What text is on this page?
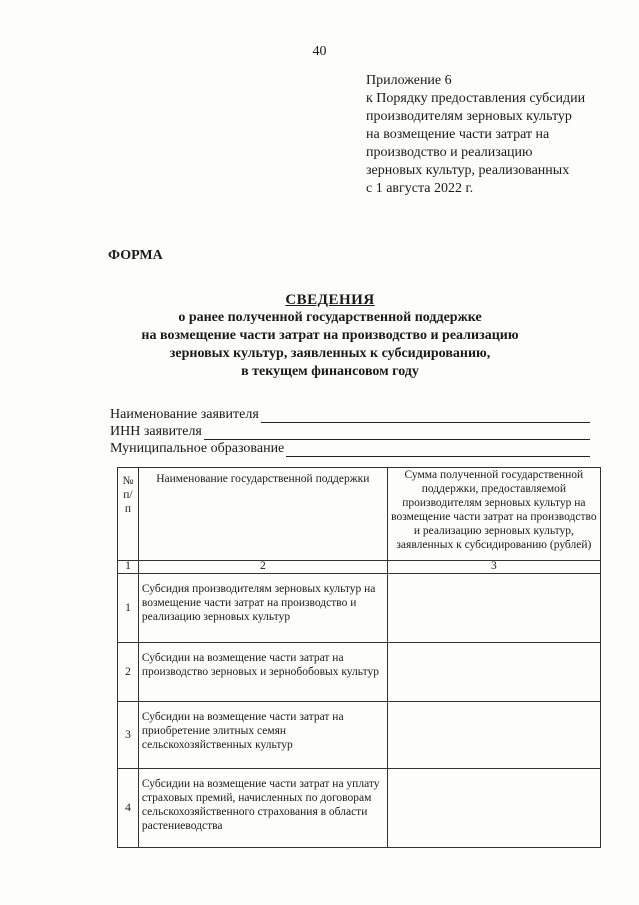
40
Приложение 6
к Порядку предоставления субсидии
производителям зерновых культур
на возмещение части затрат на
производство и реализацию
зерновых культур, реализованных
с 1 августа 2022 г.
ФОРМА
СВЕДЕНИЯ
о ранее полученной государственной поддержке
на возмещение части затрат на производство и реализацию
зерновых культур, заявленных к субсидированию,
в текущем финансовом году
Наименование заявителя
ИНН заявителя
Муниципальное образование
№ п/п	Наименование государственной поддержки	Сумма полученной государственной поддержки, предоставляемой производителям зерновых культур на возмещение части затрат на производство и реализацию зерновых культур, заявленных к субсидированию (рублей)
1	2	3
1	Субсидия производителям зерновых культур на возмещение части затрат на производство и реализацию зерновых культур	
2	Субсидии на возмещение части затрат на производство зерновых и зернобобовых культур	
3	Субсидии на возмещение части затрат на приобретение элитных семян сельскохозяйственных культур	
4	Субсидии на возмещение части затрат на уплату страховых премий, начисленных по договорам сельскохозяйственного страхования в области растениеводства	
